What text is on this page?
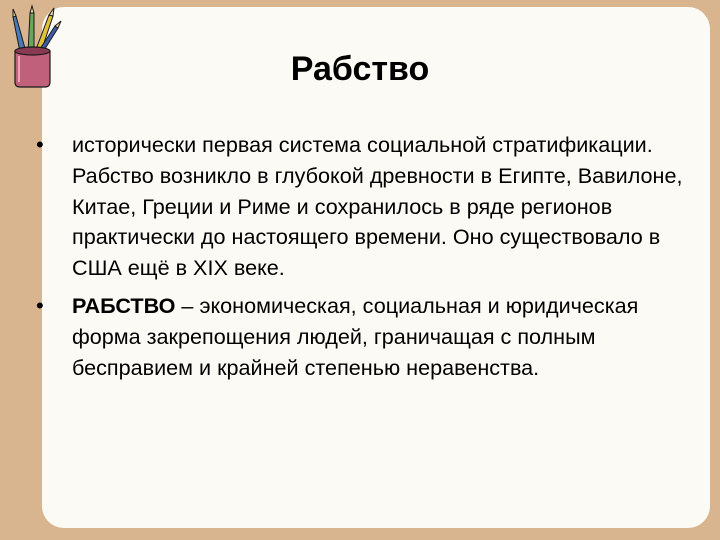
Рабство
• исторически первая система социальной стратификации. Рабство возникло в глубокой древности в Египте, Вавилоне, Китае, Греции и Риме и сохранилось в ряде регионов практически до настоящего времени. Оно существовало в США ещё в XIX веке.
• РАБСТВО – экономическая, социальная и юридическая форма закрепощения людей, граничащая с полным бесправием и крайней степенью неравенства.
